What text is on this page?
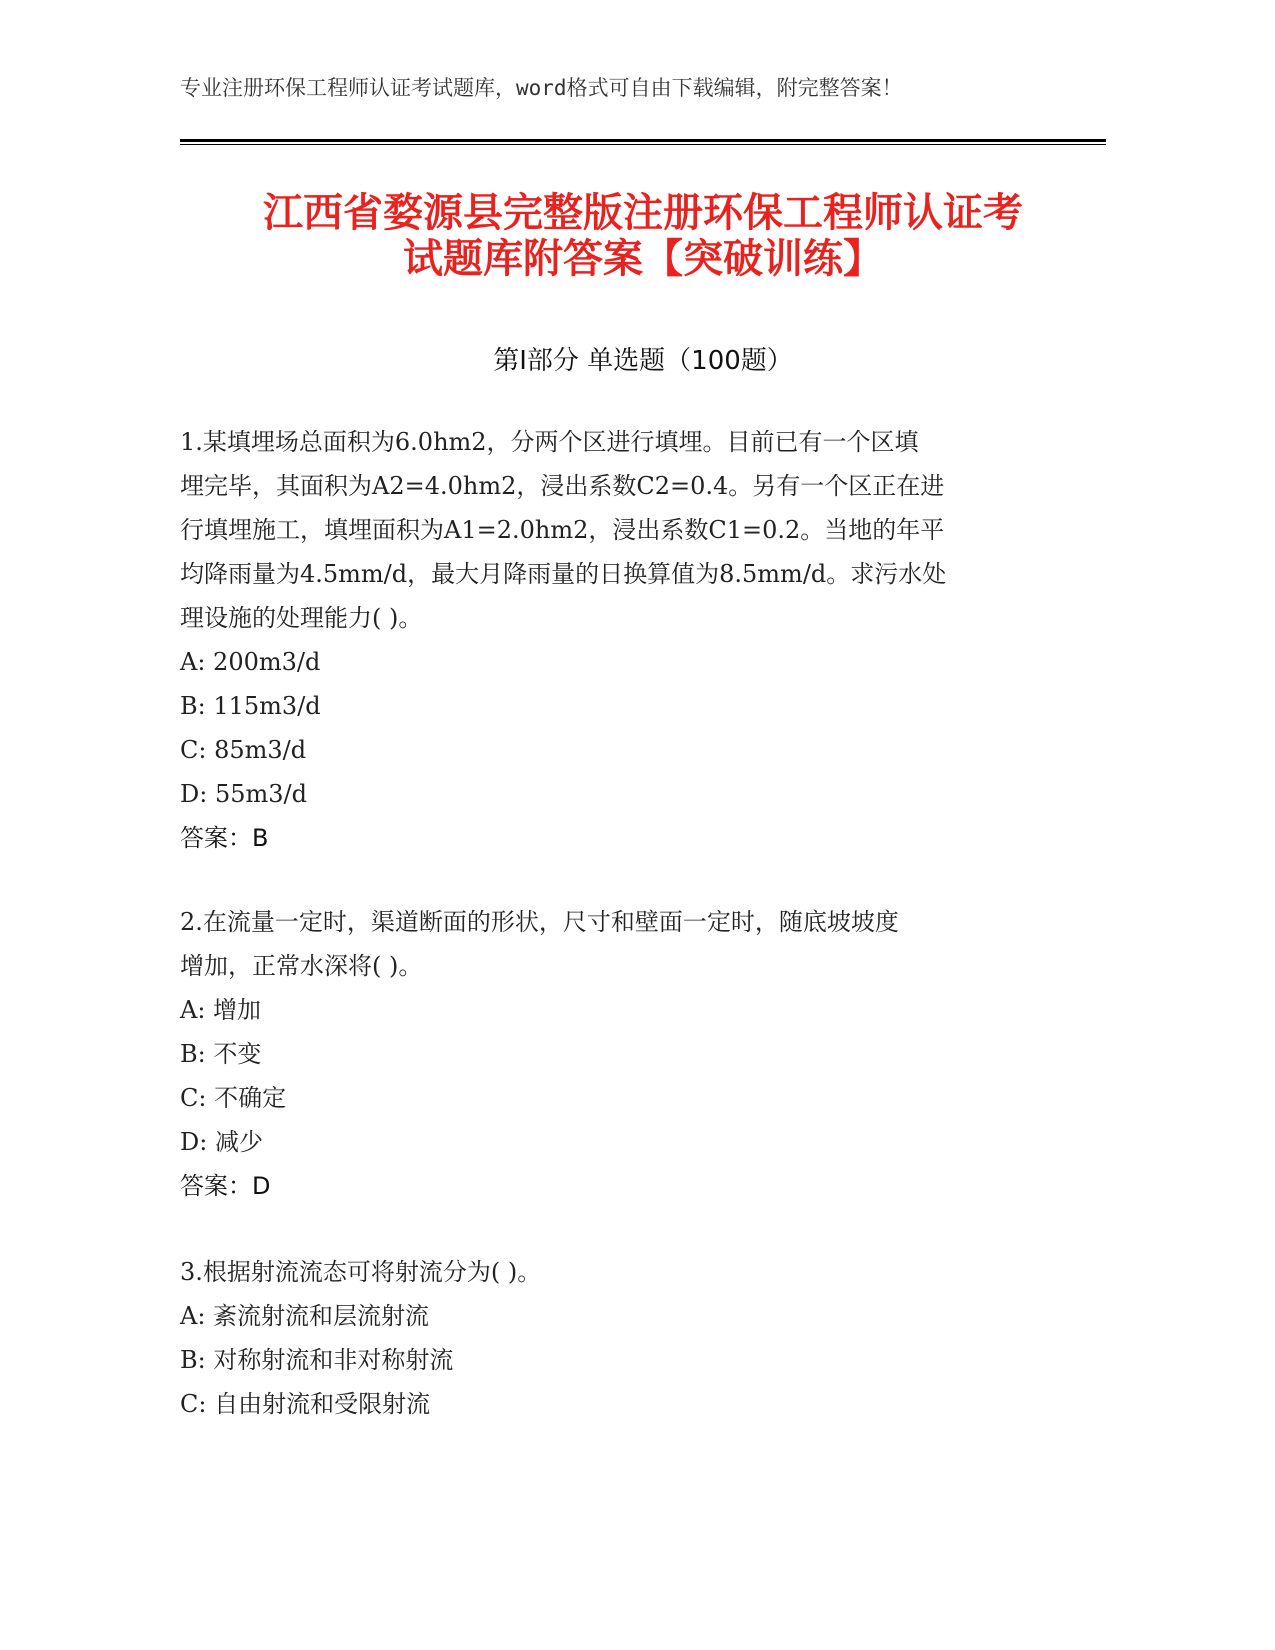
专业注册环保工程师认证考试题库，word格式可自由下载编辑，附完整答案！
江西省婺源县完整版注册环保工程师认证考
试题库附答案【突破训练】
第Ⅰ部分 单选题（100题）
1.某填埋场总面积为6.0hm2，分两个区进行填埋。目前已有一个区填
埋完毕，其面积为A2=4.0hm2，浸出系数C2=0.4。另有一个区正在进
行填埋施工，填埋面积为A1=2.0hm2，浸出系数C1=0.2。当地的年平
均降雨量为4.5mm/d，最大月降雨量的日换算值为8.5mm/d。求污水处
理设施的处理能力( )。
A: 200m3/d
B: 115m3/d
C: 85m3/d
D: 55m3/d
答案：B
2.在流量一定时，渠道断面的形状，尺寸和壁面一定时，随底坡坡度
增加，正常水深将( )。
A: 增加
B: 不变
C: 不确定
D: 减少
答案：D
3.根据射流流态可将射流分为( )。
A: 紊流射流和层流射流
B: 对称射流和非对称射流
C: 自由射流和受限射流
